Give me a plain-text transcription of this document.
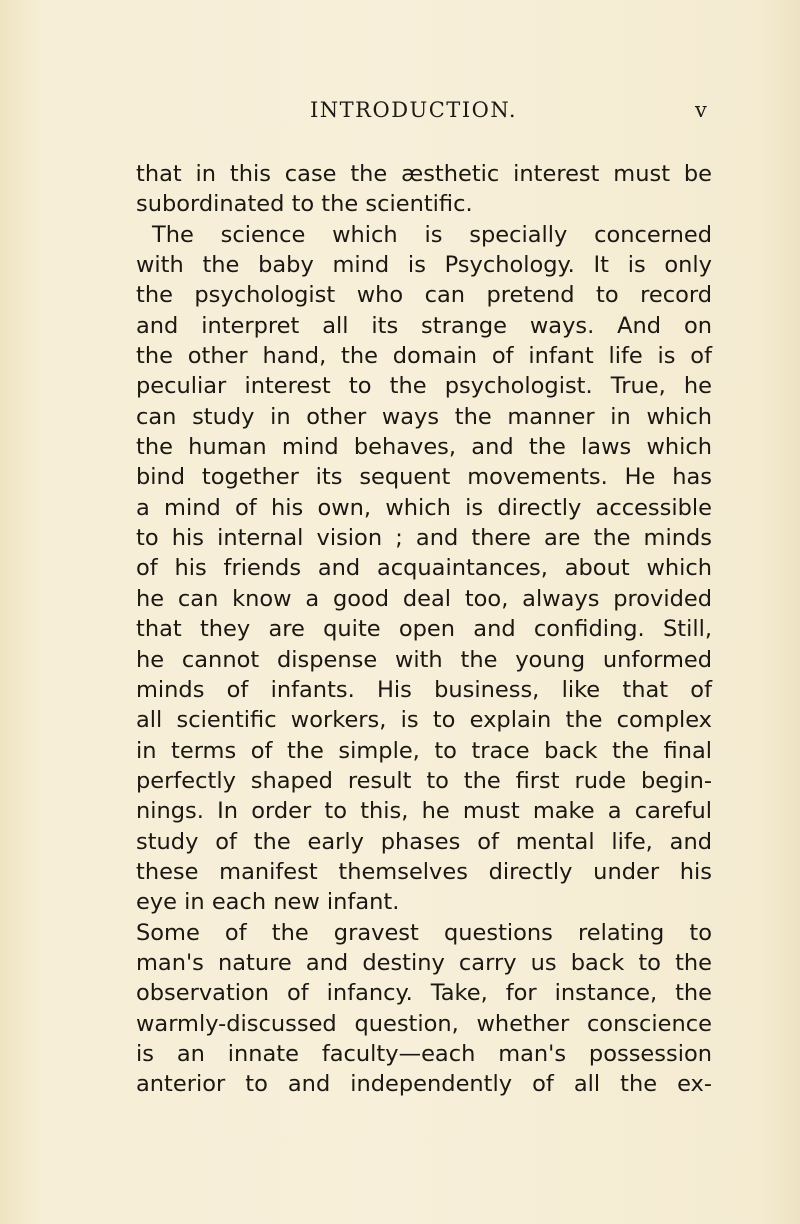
INTRODUCTION.	v
that in this case the æsthetic interest must be
subordinated to the scientific.
The science which is specially concerned
with the baby mind is Psychology. It is only
the psychologist who can pretend to record
and interpret all its strange ways. And on
the other hand, the domain of infant life is of
peculiar interest to the psychologist. True, he
can study in other ways the manner in which
the human mind behaves, and the laws which
bind together its sequent movements. He has
a mind of his own, which is directly accessible
to his internal vision ; and there are the minds
of his friends and acquaintances, about which
he can know a good deal too, always provided
that they are quite open and confiding. Still,
he cannot dispense with the young unformed
minds of infants. His business, like that of
all scientific workers, is to explain the complex
in terms of the simple, to trace back the final
perfectly shaped result to the first rude begin-
nings. In order to this, he must make a careful
study of the early phases of mental life, and
these manifest themselves directly under his
eye in each new infant.
Some of the gravest questions relating to
man's nature and destiny carry us back to the
observation of infancy. Take, for instance, the
warmly-discussed question, whether conscience
is an innate faculty—each man's possession
anterior to and independently of all the ex-
